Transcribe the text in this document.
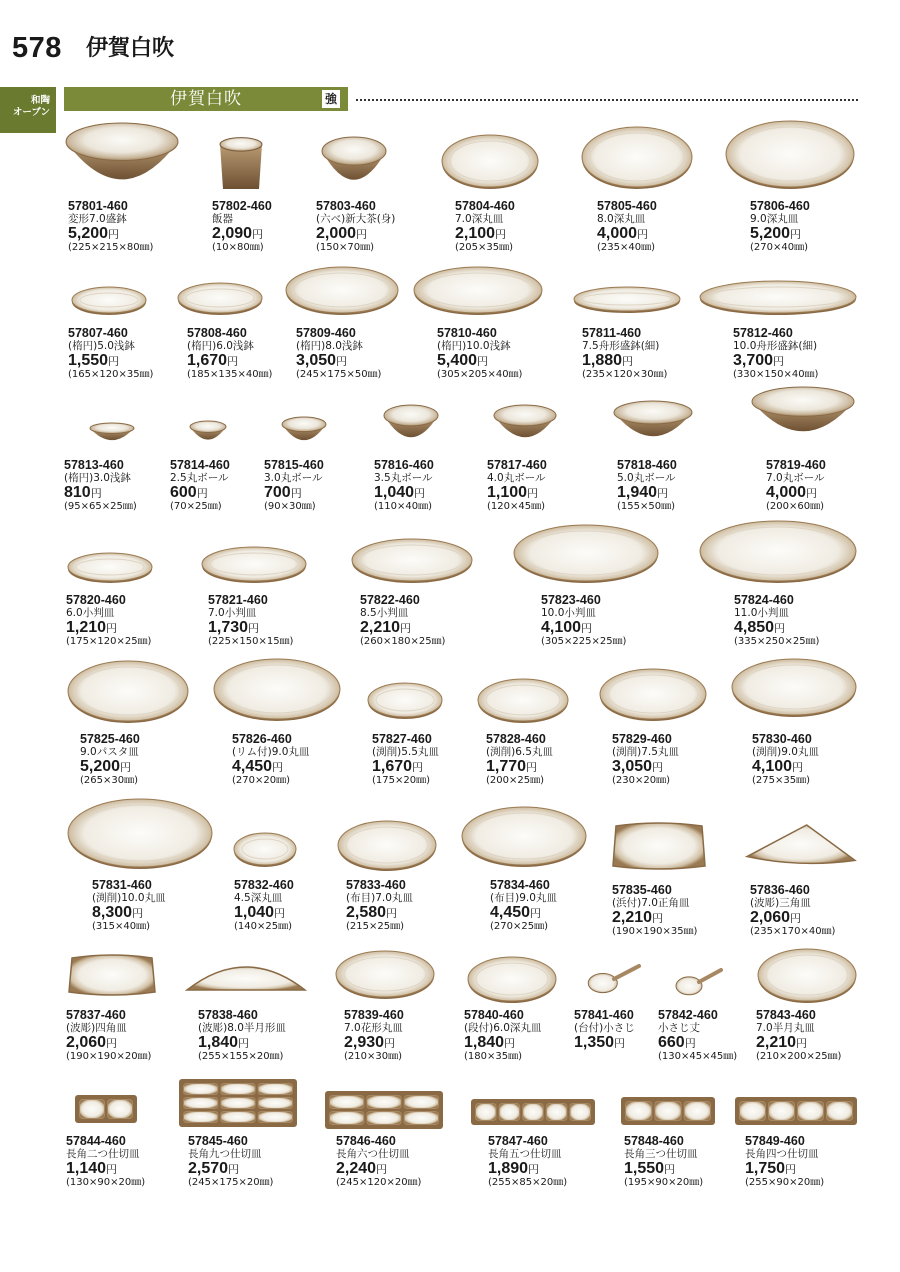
578 伊賀白吹
和陶
オーブン
伊賀白吹	強
57801-460
変形7.0盛鉢
5,200円
(225×215×80㎜)
57802-460
飯器
2,090円
(10×80㎜)
57803-460
(六ベ)新大茶(身)
2,000円
(150×70㎜)
57804-460
7.0深丸皿
2,100円
(205×35㎜)
57805-460
8.0深丸皿
4,000円
(235×40㎜)
57806-460
9.0深丸皿
5,200円
(270×40㎜)
57807-460
(楕円)5.0浅鉢
1,550円
(165×120×35㎜)
57808-460
(楕円)6.0浅鉢
1,670円
(185×135×40㎜)
57809-460
(楕円)8.0浅鉢
3,050円
(245×175×50㎜)
57810-460
(楕円)10.0浅鉢
5,400円
(305×205×40㎜)
57811-460
7.5舟形盛鉢(細)
1,880円
(235×120×30㎜)
57812-460
10.0舟形盛鉢(細)
3,700円
(330×150×40㎜)
57813-460
(楕円)3.0浅鉢
810円
(95×65×25㎜)
57814-460
2.5丸ボール
600円
(70×25㎜)
57815-460
3.0丸ボール
700円
(90×30㎜)
57816-460
3.5丸ボール
1,040円
(110×40㎜)
57817-460
4.0丸ボール
1,100円
(120×45㎜)
57818-460
5.0丸ボール
1,940円
(155×50㎜)
57819-460
7.0丸ボール
4,000円
(200×60㎜)
57820-460
6.0小判皿
1,210円
(175×120×25㎜)
57821-460
7.0小判皿
1,730円
(225×150×15㎜)
57822-460
8.5小判皿
2,210円
(260×180×25㎜)
57823-460
10.0小判皿
4,100円
(305×225×25㎜)
57824-460
11.0小判皿
4,850円
(335×250×25㎜)
57825-460
9.0パスタ皿
5,200円
(265×30㎜)
57826-460
(リム付)9.0丸皿
4,450円
(270×20㎜)
57827-460
(渕削)5.5丸皿
1,670円
(175×20㎜)
57828-460
(渕削)6.5丸皿
1,770円
(200×25㎜)
57829-460
(渕削)7.5丸皿
3,050円
(230×20㎜)
57830-460
(渕削)9.0丸皿
4,100円
(275×35㎜)
57831-460
(渕削)10.0丸皿
8,300円
(315×40㎜)
57832-460
4.5深丸皿
1,040円
(140×25㎜)
57833-460
(布目)7.0丸皿
2,580円
(215×25㎜)
57834-460
(布目)9.0丸皿
4,450円
(270×25㎜)
57835-460
(浜付)7.0正角皿
2,210円
(190×190×35㎜)
57836-460
(波彫)三角皿
2,060円
(235×170×40㎜)
57837-460
(波彫)四角皿
2,060円
(190×190×20㎜)
57838-460
(波彫)8.0半月形皿
1,840円
(255×155×20㎜)
57839-460
7.0花形丸皿
2,930円
(210×30㎜)
57840-460
(段付)6.0深丸皿
1,840円
(180×35㎜)
57841-460
(台付)小さじ
1,350円
57842-460
小さじ丈
660円
(130×45×45㎜)
57843-460
7.0半月丸皿
2,210円
(210×200×25㎜)
57844-460
長角二つ仕切皿
1,140円
(130×90×20㎜)
57845-460
長角九つ仕切皿
2,570円
(245×175×20㎜)
57846-460
長角六つ仕切皿
2,240円
(245×120×20㎜)
57847-460
長角五つ仕切皿
1,890円
(255×85×20㎜)
57848-460
長角三つ仕切皿
1,550円
(195×90×20㎜)
57849-460
長角四つ仕切皿
1,750円
(255×90×20㎜)
